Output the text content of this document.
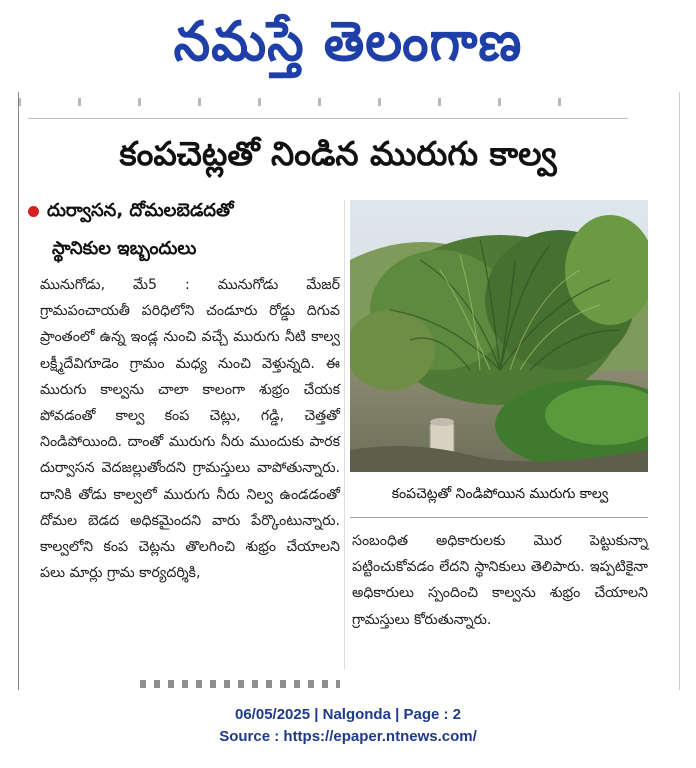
నమస్తే తెలంగాణ
కంపచెట్లతో నిండిన మురుగు కాల్వ
దుర్వాసన, దోమలబెడదతో
స్థానికుల ఇబ్బందులు

మునుగోడు, మే5 : మునుగోడు మేజర్ గ్రామపంచాయతీ పరిధిలోని చండూరు రోడ్డు దిగువ ప్రాంతంలో ఉన్న ఇండ్ల నుంచి వచ్చే మురుగు నీటి కాల్వ లక్ష్మీదేవిగూడెం గ్రామం మధ్య నుంచి వెళ్తున్నది. ఈ మురుగు కాల్వను చాలా కాలంగా శుభ్రం చేయక పోవడంతో కాల్వ కంప చెట్లు, గడ్డి, చెత్తతో నిండిపోయింది. దాంతో మురుగు నీరు ముందుకు పారక దుర్వాసన వెదజల్లుతోందని గ్రామస్తులు వాపోతున్నారు. దానికి తోడు కాల్వలో మురుగు నీరు నిల్వ ఉండడంతో దోమల బెడద అధికమైందని వారు పేర్కొంటున్నారు. కాల్వలోని కంప చెట్లను తొలగించి శుభ్రం చేయాలని పలు మార్లు గ్రామ కార్యదర్శికి,

కంపచెట్లతో నిండిపోయిన మురుగు కాల్వ
సంబంధిత అధికారులకు మొర పెట్టుకున్నా పట్టించుకోవడం లేదని స్థానికులు తెలిపారు. ఇప్పటికైనా అధికారులు స్పందించి కాల్వను శుభ్రం చేయాలని గ్రామస్తులు కోరుతున్నారు.
06/05/2025 | Nalgonda | Page : 2
Source : https://epaper.ntnews.com/
